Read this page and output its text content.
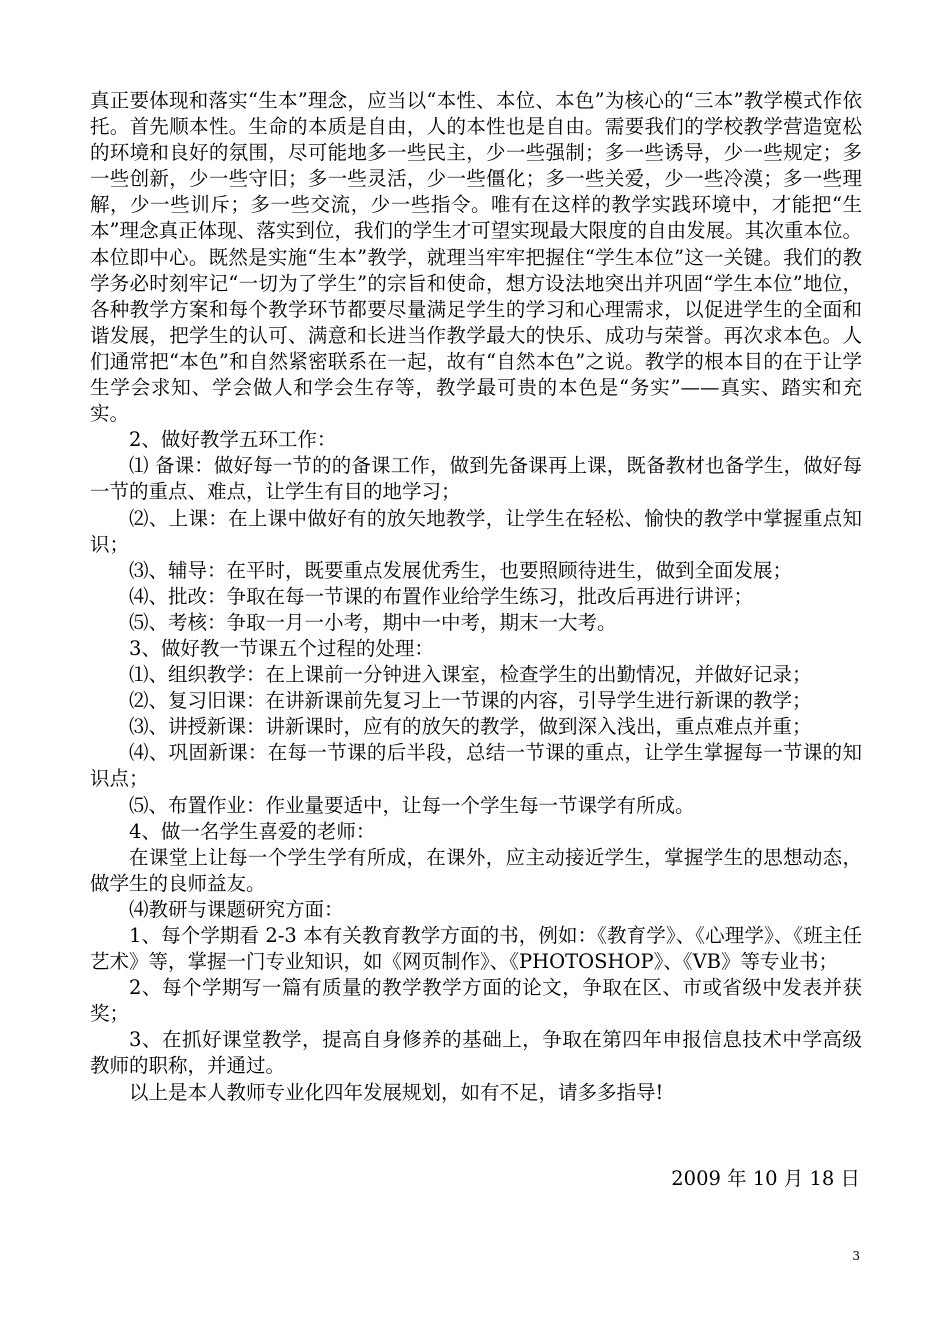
真正要体现和落实“生本”理念，应当以“本性、本位、本色”为核心的“三本”教学模式作依托。首先顺本性。生命的本质是自由，人的本性也是自由。需要我们的学校教学营造宽松的环境和良好的氛围，尽可能地多一些民主，少一些强制；多一些诱导，少一些规定；多一些创新，少一些守旧；多一些灵活，少一些僵化；多一些关爱，少一些冷漠；多一些理解，少一些训斥；多一些交流，少一些指令。唯有在这样的教学实践环境中，才能把“生本”理念真正体现、落实到位，我们的学生才可望实现最大限度的自由发展。其次重本位。本位即中心。既然是实施“生本”教学，就理当牢牢把握住“学生本位”这一关键。我们的教学务必时刻牢记“一切为了学生”的宗旨和使命，想方设法地突出并巩固“学生本位”地位，各种教学方案和每个教学环节都要尽量满足学生的学习和心理需求，以促进学生的全面和谐发展，把学生的认可、满意和长进当作教学最大的快乐、成功与荣誉。再次求本色。人们通常把“本色”和自然紧密联系在一起，故有“自然本色”之说。教学的根本目的在于让学生学会求知、学会做人和学会生存等，教学最可贵的本色是“务实”——真实、踏实和充实。

2、做好教学五环工作：

⑴ 备课：做好每一节的的备课工作，做到先备课再上课，既备教材也备学生，做好每一节的重点、难点，让学生有目的地学习；

⑵、上课：在上课中做好有的放矢地教学，让学生在轻松、愉快的教学中掌握重点知识；

⑶、辅导：在平时，既要重点发展优秀生，也要照顾待进生，做到全面发展；

⑷、批改：争取在每一节课的布置作业给学生练习，批改后再进行讲评；

⑸、考核：争取一月一小考，期中一中考，期末一大考。

3、做好教一节课五个过程的处理：

⑴、组织教学：在上课前一分钟进入课室，检查学生的出勤情况，并做好记录；

⑵、复习旧课：在讲新课前先复习上一节课的内容，引导学生进行新课的教学；

⑶、讲授新课：讲新课时，应有的放矢的教学，做到深入浅出，重点难点并重；

⑷、巩固新课：在每一节课的后半段，总结一节课的重点，让学生掌握每一节课的知识点；

⑸、布置作业：作业量要适中，让每一个学生每一节课学有所成。

4、做一名学生喜爱的老师：

在课堂上让每一个学生学有所成，在课外，应主动接近学生，掌握学生的思想动态，做学生的良师益友。

⑷教研与课题研究方面：

1、每个学期看 2-3 本有关教育教学方面的书，例如：《教育学》、《心理学》、《班主任艺术》等，掌握一门专业知识，如《网页制作》、《PHOTOSHOP》、《VB》等专业书；

2、每个学期写一篇有质量的教学教学方面的论文，争取在区、市或省级中发表并获奖；

3、在抓好课堂教学，提高自身修养的基础上，争取在第四年申报信息技术中学高级教师的职称，并通过。

以上是本人教师专业化四年发展规划，如有不足，请多多指导!

2009 年 10 月 18 日
3
